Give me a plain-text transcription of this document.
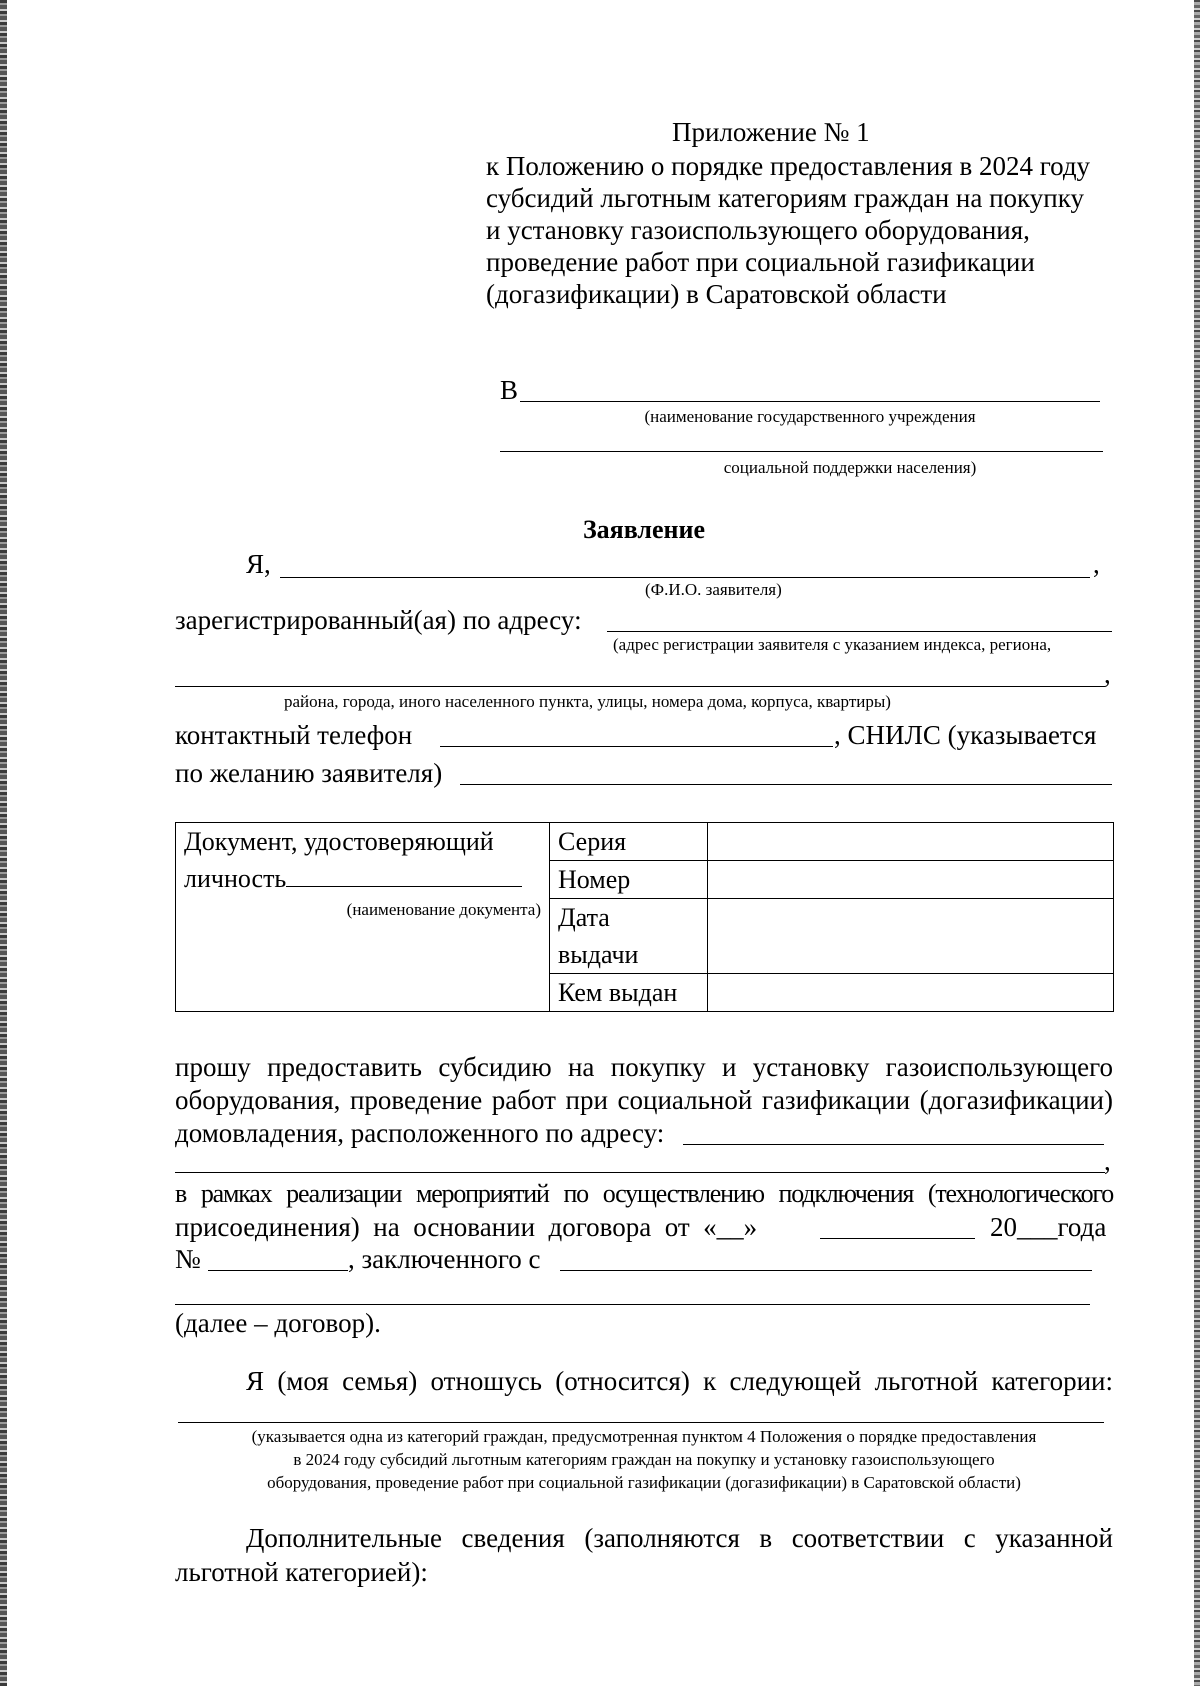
Приложение № 1
к Положению о порядке предоставления в 2024 году
субсидий льготным категориям граждан на покупку
и установку газоиспользующего оборудования,
проведение работ при социальной газификации
(догазификации) в Саратовской области
В
(наименование государственного учреждения
социальной поддержки населения)
Заявление
Я,	,
(Ф.И.О. заявителя)
зарегистрированный(ая) по адресу:
(адрес регистрации заявителя с указанием индекса, региона,
,
района, города, иного населенного пункта, улицы, номера дома, корпуса, квартиры)
контактный телефон	, СНИЛС (указывается
по желанию заявителя)
Документ, удостоверяющий
личность
(наименование документа)	Серия	
	Номер	

	Дата
выдачи	

	Кем выдан	
прошу предоставить субсидию на покупку и установку газоиспользующего
оборудования, проведение работ при социальной газификации (догазификации)
домовладения, расположенного по адресу:
,
в рамках реализации мероприятий по осуществлению подключения (технологического
присоединения)  на  основании  договора  от  «__»	20___года
№	, заключенного с
(далее – договор).
Я (моя семья) отношусь (относится) к следующей льготной категории:
(указывается одна из категорий граждан, предусмотренная пунктом 4 Положения о порядке предоставления
в 2024 году субсидий льготным категориям граждан на покупку и установку газоиспользующего
оборудования, проведение работ при социальной газификации (догазификации) в Саратовской области)
Дополнительные сведения (заполняются в соответствии с указанной
льготной категорией):
